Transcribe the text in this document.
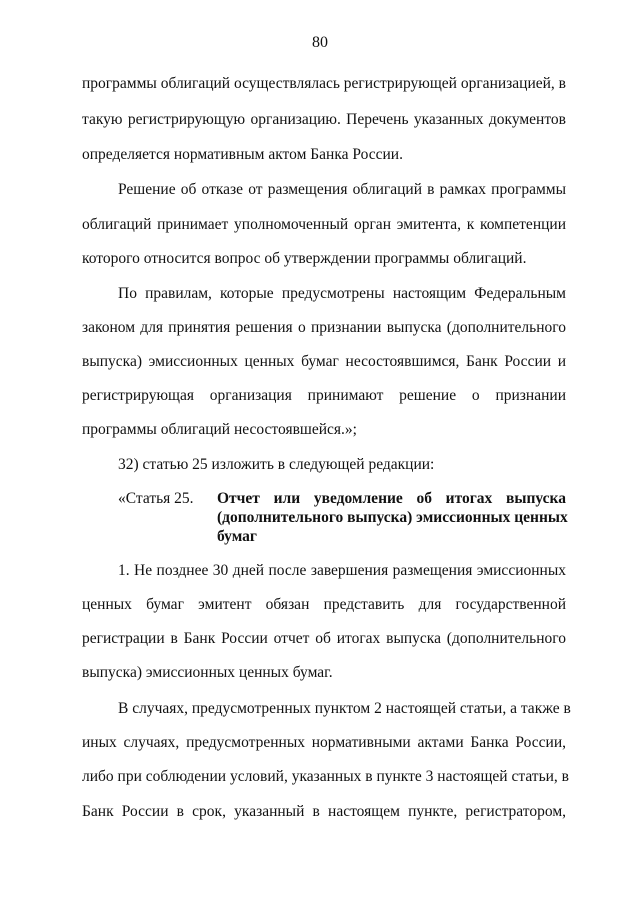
80
программы облигаций осуществлялась регистрирующей организацией, в
такую регистрирующую организацию. Перечень указанных документов
определяется нормативным актом Банка России.
Решение об отказе от размещения облигаций в рамках программы
облигаций принимает уполномоченный орган эмитента, к компетенции
которого относится вопрос об утверждении программы облигаций.
По правилам, которые предусмотрены настоящим Федеральным
законом для принятия решения о признании выпуска (дополнительного
выпуска) эмиссионных ценных бумаг несостоявшимся, Банк России и
регистрирующая организация принимают решение о признании
программы облигаций несостоявшейся.»;
32) статью 25 изложить в следующей редакции:
«Статья 25. Отчет или уведомление об итогах выпуска
(дополнительного выпуска) эмиссионных ценных
бумаг
1. Не позднее 30 дней после завершения размещения эмиссионных
ценных бумаг эмитент обязан представить для государственной
регистрации в Банк России отчет об итогах выпуска (дополнительного
выпуска) эмиссионных ценных бумаг.
В случаях, предусмотренных пунктом 2 настоящей статьи, а также в
иных случаях, предусмотренных нормативными актами Банка России,
либо при соблюдении условий, указанных в пункте 3 настоящей статьи, в
Банк России в срок, указанный в настоящем пункте, регистратором,
